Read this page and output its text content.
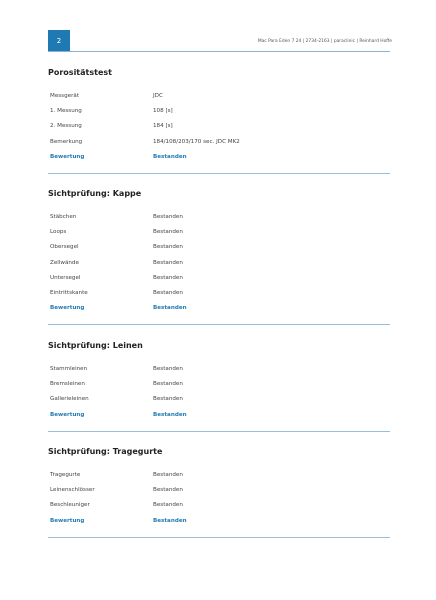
2	Mac Para Eden 7 24 | 2734-2163 | paraclinic | Reinhard Hoffe
Porositätstest
Messgerät	JDC
1. Messung	108 [s]
2. Messung	184 [s]
Bemerkung	184/108/203/170 sec. JDC MK2
Bewertung	Bestanden
Sichtprüfung: Kappe
Stäbchen	Bestanden
Loops	Bestanden
Obersegel	Bestanden
Zellwände	Bestanden
Untersegel	Bestanden
Eintrittskante	Bestanden
Bewertung	Bestanden
Sichtprüfung: Leinen
Stammleinen	Bestanden
Bremsleinen	Bestanden
Gallerieleinen	Bestanden
Bewertung	Bestanden
Sichtprüfung: Tragegurte
Tragegurte	Bestanden
Leinenschlösser	Bestanden
Beschleuniger	Bestanden
Bewertung	Bestanden
